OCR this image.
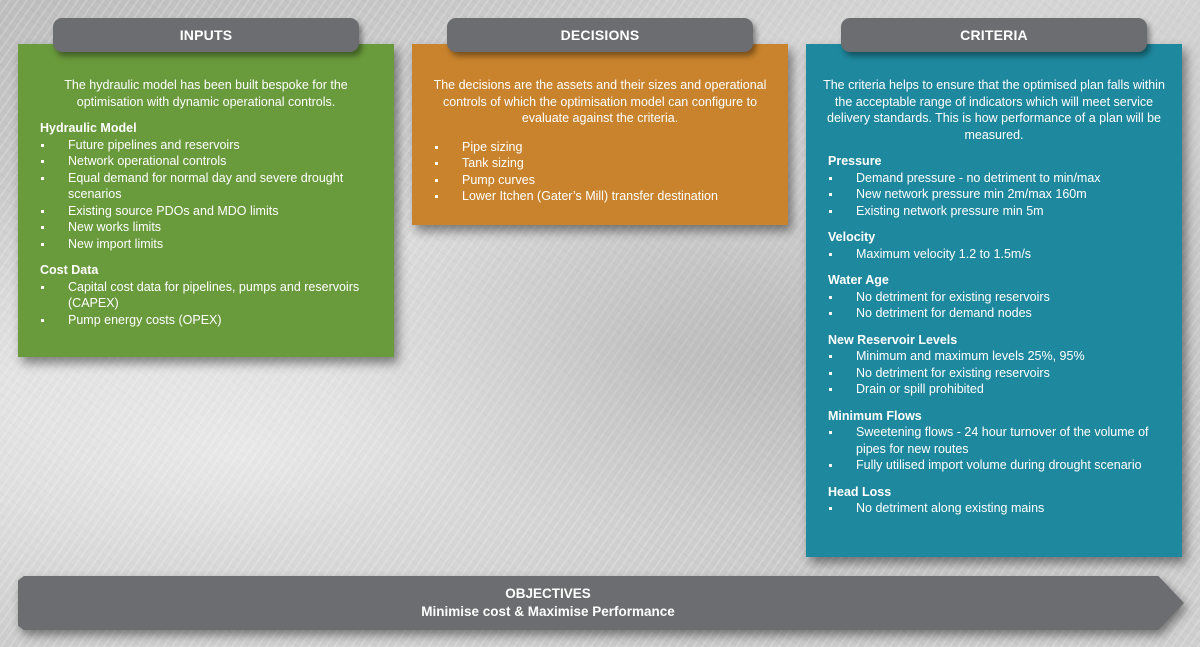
The hydraulic model has been built bespoke for the optimisation with dynamic operational controls.
Hydraulic Model
Future pipelines and reservoirs
Network operational controls
Equal demand for normal day and severe drought scenarios
Existing source PDOs and MDO limits
New works limits
New import limits
Cost Data
Capital cost data for pipelines, pumps and reservoirs (CAPEX)
Pump energy costs (OPEX)
INPUTS
The decisions are the assets and their sizes and operational controls of which the optimisation model can configure to evaluate against the criteria.
Pipe sizing
Tank sizing
Pump curves
Lower Itchen (Gater’s Mill) transfer destination
DECISIONS
The criteria helps to ensure that the optimised plan falls within the acceptable range of indicators which will meet service delivery standards. This is how performance of a plan will be measured.
Pressure
Demand pressure - no detriment to min/max
New network pressure min 2m/max 160m
Existing network pressure min 5m
Velocity
Maximum velocity 1.2 to 1.5m/s
Water Age
No detriment for existing reservoirs
No detriment for demand nodes
New Reservoir Levels
Minimum and maximum levels 25%, 95%
No detriment for existing reservoirs
Drain or spill prohibited
Minimum Flows
Sweetening flows - 24 hour turnover of the volume of pipes for new routes
Fully utilised import volume during drought scenario
Head Loss
No detriment along existing mains
CRITERIA
OBJECTIVES
Minimise cost & Maximise Performance
